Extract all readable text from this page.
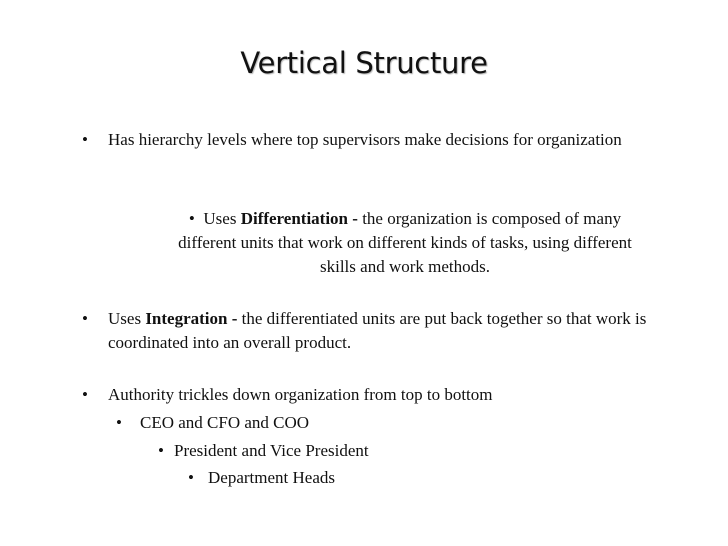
Vertical Structure
•	Has hierarchy levels where top supervisors make decisions for organization
• Uses Differentiation - the organization is composed of many
different units that work on different kinds of tasks, using different
skills and work methods.
•	Uses Integration - the differentiated units are put back together so that work is coordinated into an overall product.
•	Authority trickles down organization from top to bottom
•	CEO and CFO and COO
• President and Vice President
• Department Heads
